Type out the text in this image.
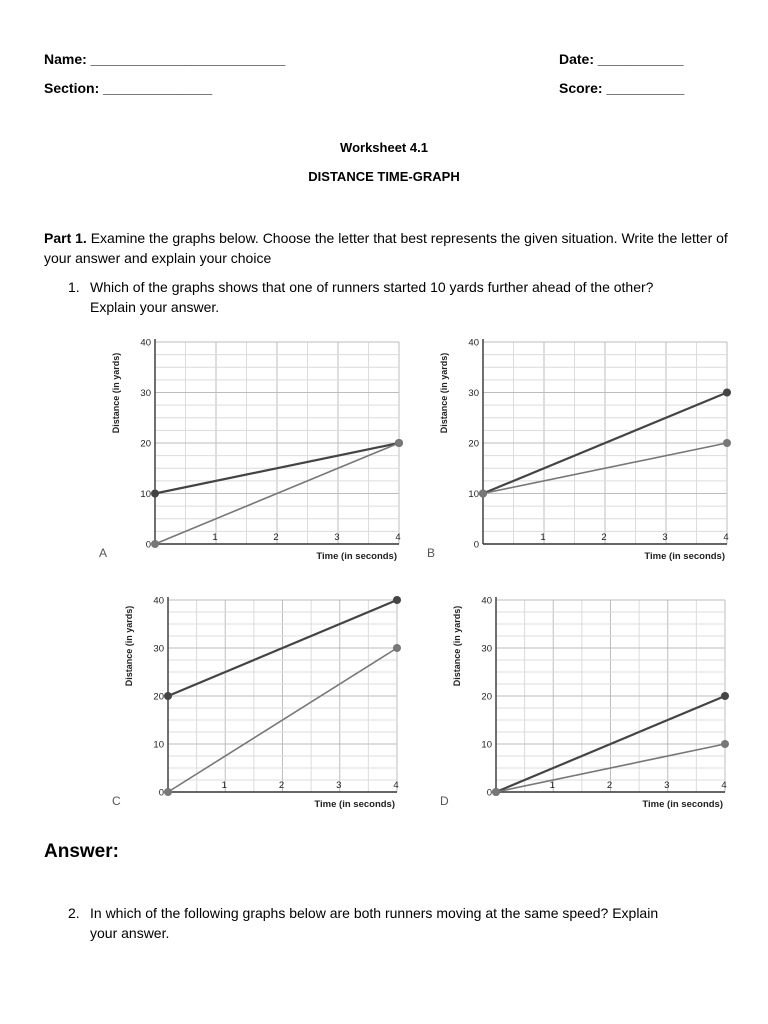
Name: _________________________	Date: ___________
Section: ______________	Score: __________
Worksheet 4.1
DISTANCE TIME-GRAPH
Part 1. Examine the graphs below. Choose the letter that best represents the given situation. Write the letter of your answer and explain your choice
1. Which of the graphs shows that one of runners started 10 yards further ahead of the other?
Explain your answer.
0
10
20
30
40
1	2	3	4
Time (in seconds)
Distance (in yards)
A
0
10
20
30
40
1	2	3	4
Time (in seconds)
Distance (in yards)
B
0
10
20
30
40
1	2	3	4
Time (in seconds)
Distance (in yards)
C
0
10
20
30
40
1	2	3	4
Time (in seconds)
Distance (in yards)
D
Answer:
2. In which of the following graphs below are both runners moving at the same speed? Explain
your answer.
